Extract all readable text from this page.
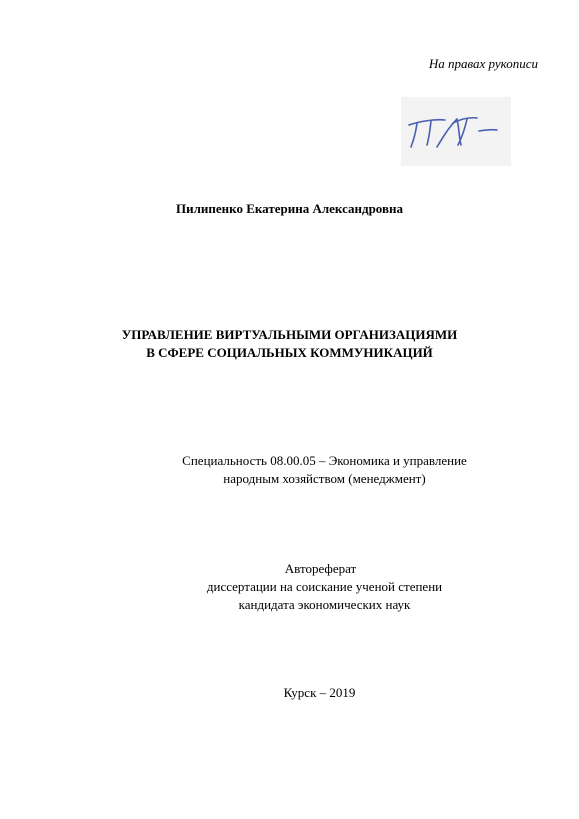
На правах рукописи
Пилипенко Екатерина Александровна
УПРАВЛЕНИЕ ВИРТУАЛЬНЫМИ ОРГАНИЗАЦИЯМИ
В СФЕРЕ СОЦИАЛЬНЫХ КОММУНИКАЦИЙ
Специальность 08.00.05 – Экономика и управление
народным хозяйством (менеджмент)
Автореферат
диссертации на соискание ученой степени
кандидата экономических наук
Курск – 2019
